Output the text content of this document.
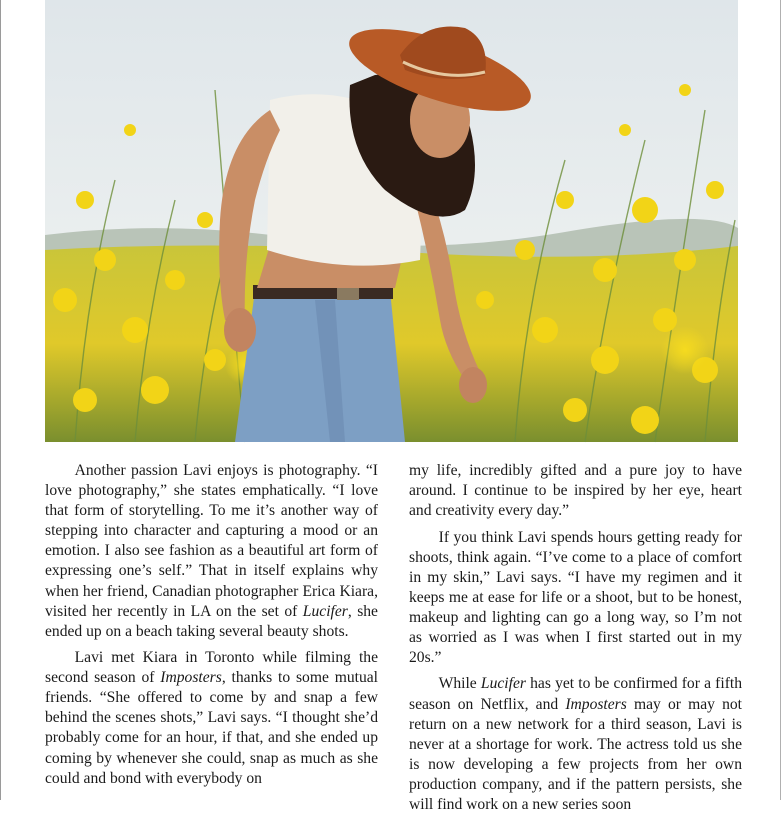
Another passion Lavi enjoys is photography. “I love photography,” she states emphatically. “I love that form of storytelling. To me it’s another way of stepping into character and capturing a mood or an emotion. I also see fashion as a beautiful art form of expressing one’s self.” That in itself explains why when her friend, Canadian photographer Erica Kiara, visited her recently in LA on the set of Lucifer, she ended up on a beach taking several beauty shots.

Lavi met Kiara in Toronto while filming the second season of Imposters, thanks to some mutual friends. “She offered to come by and snap a few behind the scenes shots,” Lavi says. “I thought she’d probably come for an hour, if that, and she ended up coming by whenever she could, snap as much as she could and bond with everybody on

my life, incredibly gifted and a pure joy to have around. I continue to be inspired by her eye, heart and creativity every day.”

If you think Lavi spends hours getting ready for shoots, think again. “I’ve come to a place of comfort in my skin,” Lavi says. “I have my regimen and it keeps me at ease for life or a shoot, but to be honest, makeup and lighting can go a long way, so I’m not as worried as I was when I first started out in my 20s.”

While Lucifer has yet to be confirmed for a fifth season on Netflix, and Imposters may or may not return on a new network for a third season, Lavi is never at a shortage for work. The actress told us she is now developing a few projects from her own production company, and if the pattern persists, she will find work on a new series soon
